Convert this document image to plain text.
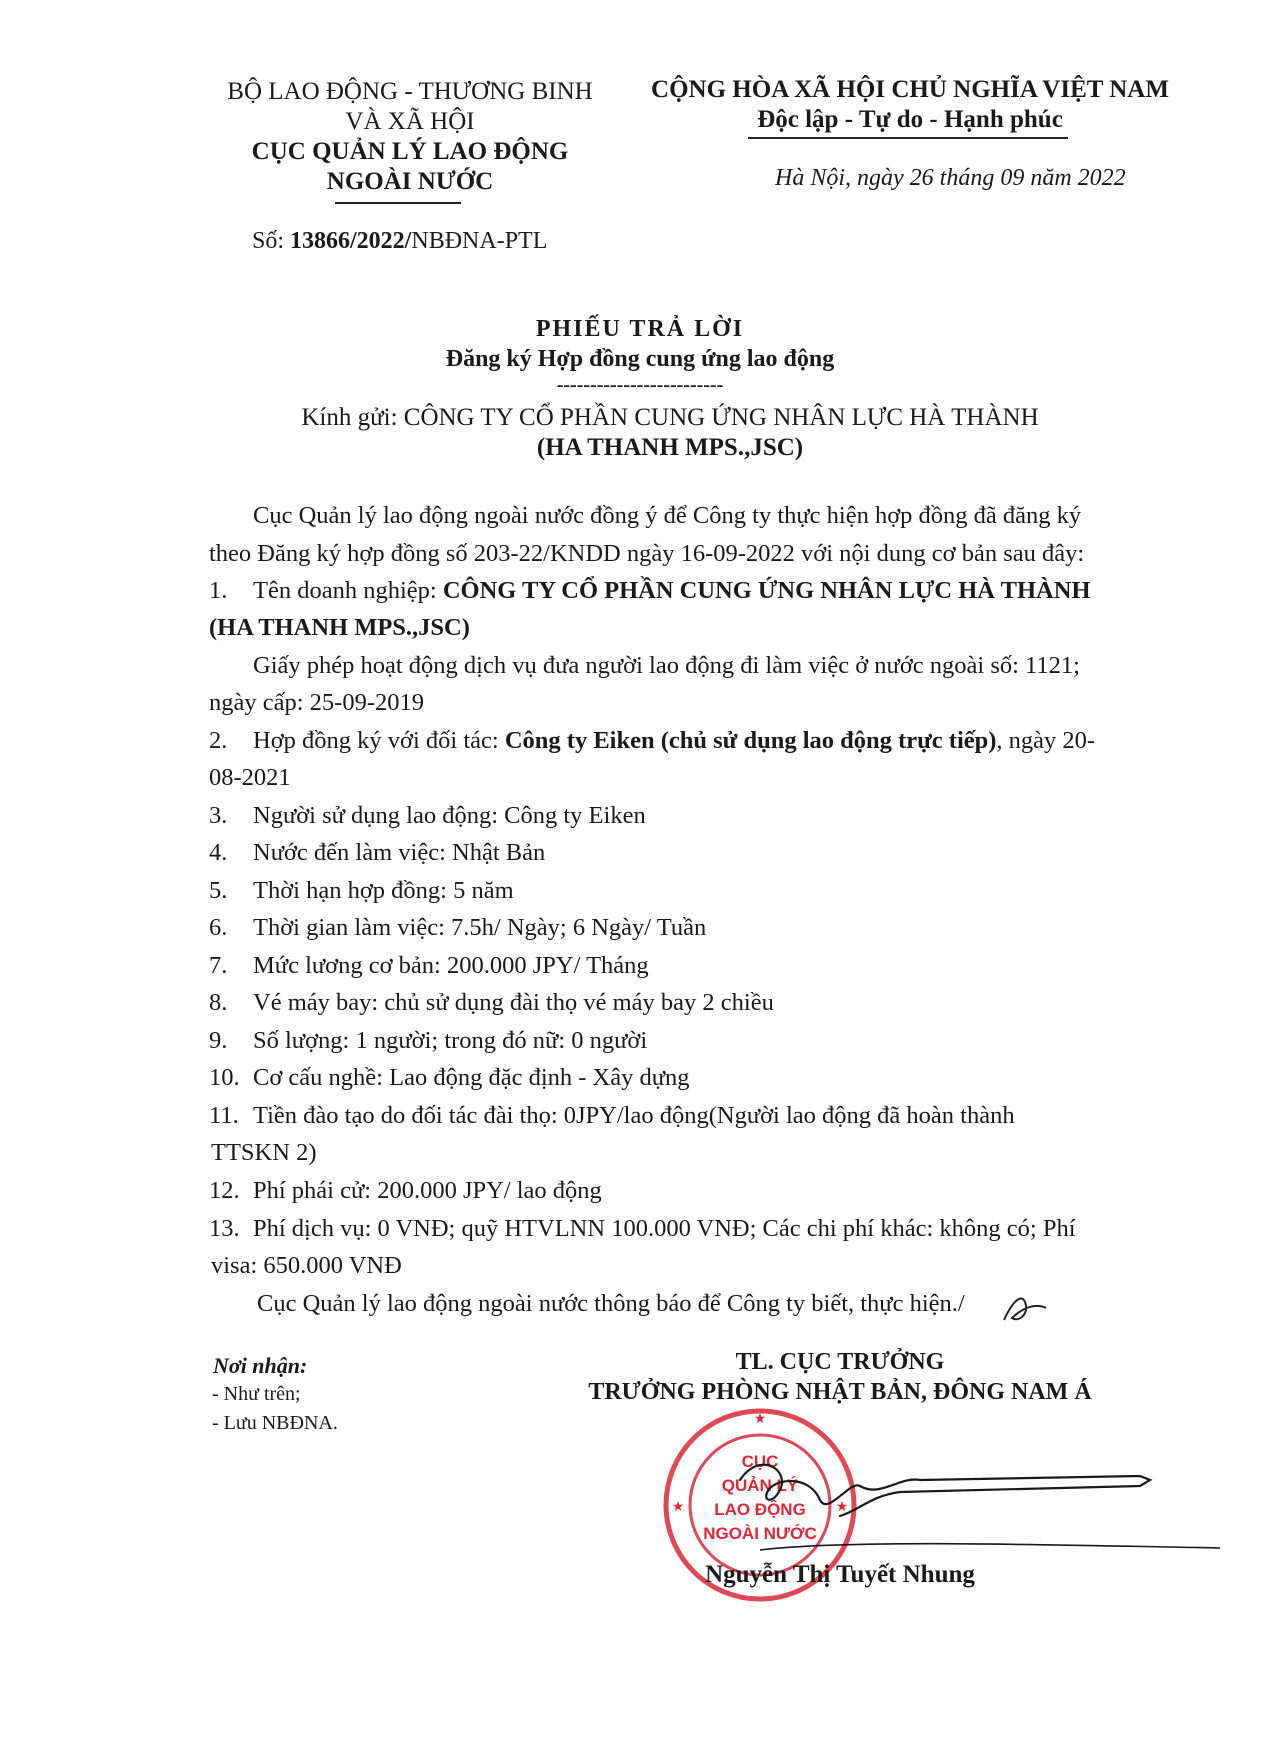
BỘ LAO ĐỘNG - THƯƠNG BINH
VÀ XÃ HỘI
CỤC QUẢN LÝ LAO ĐỘNG
NGOÀI NƯỚC
Số: 13866/2022/NBĐNA-PTL
CỘNG HÒA XÃ HỘI CHỦ NGHĨA VIỆT NAM
Độc lập - Tự do - Hạnh phúc
Hà Nội, ngày 26 tháng 09 năm 2022
PHIẾU TRẢ LỜI
Đăng ký Hợp đồng cung ứng lao động
-------------------------
Kính gửi: CÔNG TY CỔ PHẦN CUNG ỨNG NHÂN LỰC HÀ THÀNH
(HA THANH MPS.,JSC)
Cục Quản lý lao động ngoài nước đồng ý để Công ty thực hiện hợp đồng đã đăng ký
theo Đăng ký hợp đồng số 203-22/KNDD ngày 16-09-2022 với nội dung cơ bản sau đây:
1. Tên doanh nghiệp: CÔNG TY CỔ PHẦN CUNG ỨNG NHÂN LỰC HÀ THÀNH
(HA THANH MPS.,JSC)
Giấy phép hoạt động dịch vụ đưa người lao động đi làm việc ở nước ngoài số: 1121;
ngày cấp: 25-09-2019
2. Hợp đồng ký với đối tác: Công ty Eiken (chủ sử dụng lao động trực tiếp), ngày 20-
08-2021
3. Người sử dụng lao động: Công ty Eiken
4. Nước đến làm việc: Nhật Bản
5. Thời hạn hợp đồng: 5 năm
6. Thời gian làm việc: 7.5h/ Ngày; 6 Ngày/ Tuần
7. Mức lương cơ bản: 200.000 JPY/ Tháng
8. Vé máy bay: chủ sử dụng đài thọ vé máy bay 2 chiều
9. Số lượng: 1 người; trong đó nữ: 0 người
10. Cơ cấu nghề: Lao động đặc định - Xây dựng
11. Tiền đào tạo do đối tác đài thọ: 0JPY/lao động(Người lao động đã hoàn thành
TTSKN 2)
12. Phí phái cử: 200.000 JPY/ lao động
13. Phí dịch vụ: 0 VNĐ; quỹ HTVLNN 100.000 VNĐ; Các chi phí khác: không có; Phí
visa: 650.000 VNĐ
Cục Quản lý lao động ngoài nước thông báo để Công ty biết, thực hiện./
Nơi nhận:
- Như trên;
- Lưu NBĐNA.
TL. CỤC TRƯỞNG
TRƯỞNG PHÒNG NHẬT BẢN, ĐÔNG NAM Á
★
★	★
CỤC
QUẢN LÝ
LAO ĐỘNG
NGOÀI NƯỚC
Nguyễn Thị Tuyết Nhung
